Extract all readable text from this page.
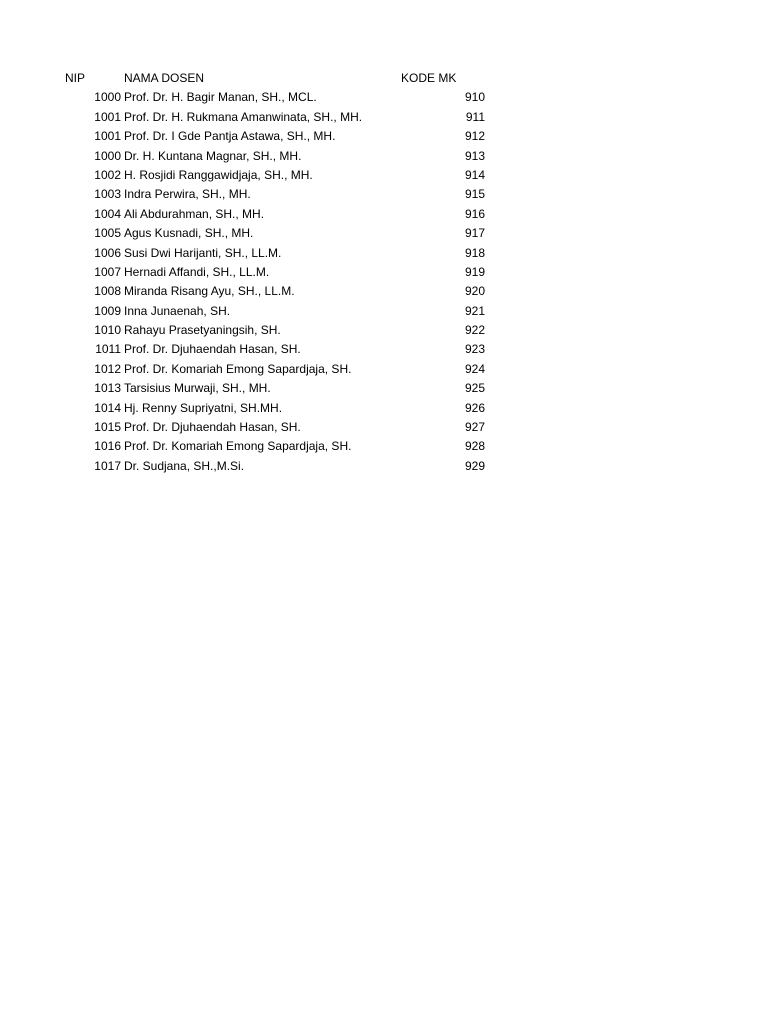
NIP	NAMA DOSEN	KODE MK
1000 Prof. Dr. H. Bagir Manan, SH., MCL.	910
1001 Prof. Dr. H. Rukmana Amanwinata, SH., MH.	911
1001 Prof. Dr. I Gde Pantja Astawa, SH., MH.	912
1000 Dr. H. Kuntana Magnar, SH., MH.	913
1002 H. Rosjidi Ranggawidjaja, SH., MH.	914
1003 Indra Perwira, SH., MH.	915
1004 Ali Abdurahman, SH., MH.	916
1005 Agus Kusnadi, SH., MH.	917
1006 Susi Dwi Harijanti, SH., LL.M.	918
1007 Hernadi Affandi, SH., LL.M.	919
1008 Miranda Risang Ayu, SH., LL.M.	920
1009 Inna Junaenah, SH.	921
1010 Rahayu Prasetyaningsih, SH.	922
1011 Prof. Dr. Djuhaendah Hasan, SH.	923
1012 Prof. Dr. Komariah Emong Sapardjaja, SH.	924
1013 Tarsisius Murwaji, SH., MH.	925
1014 Hj. Renny Supriyatni, SH.MH.	926
1015 Prof. Dr. Djuhaendah Hasan, SH.	927
1016 Prof. Dr. Komariah Emong Sapardjaja, SH.	928
1017 Dr. Sudjana, SH.,M.Si.	929
